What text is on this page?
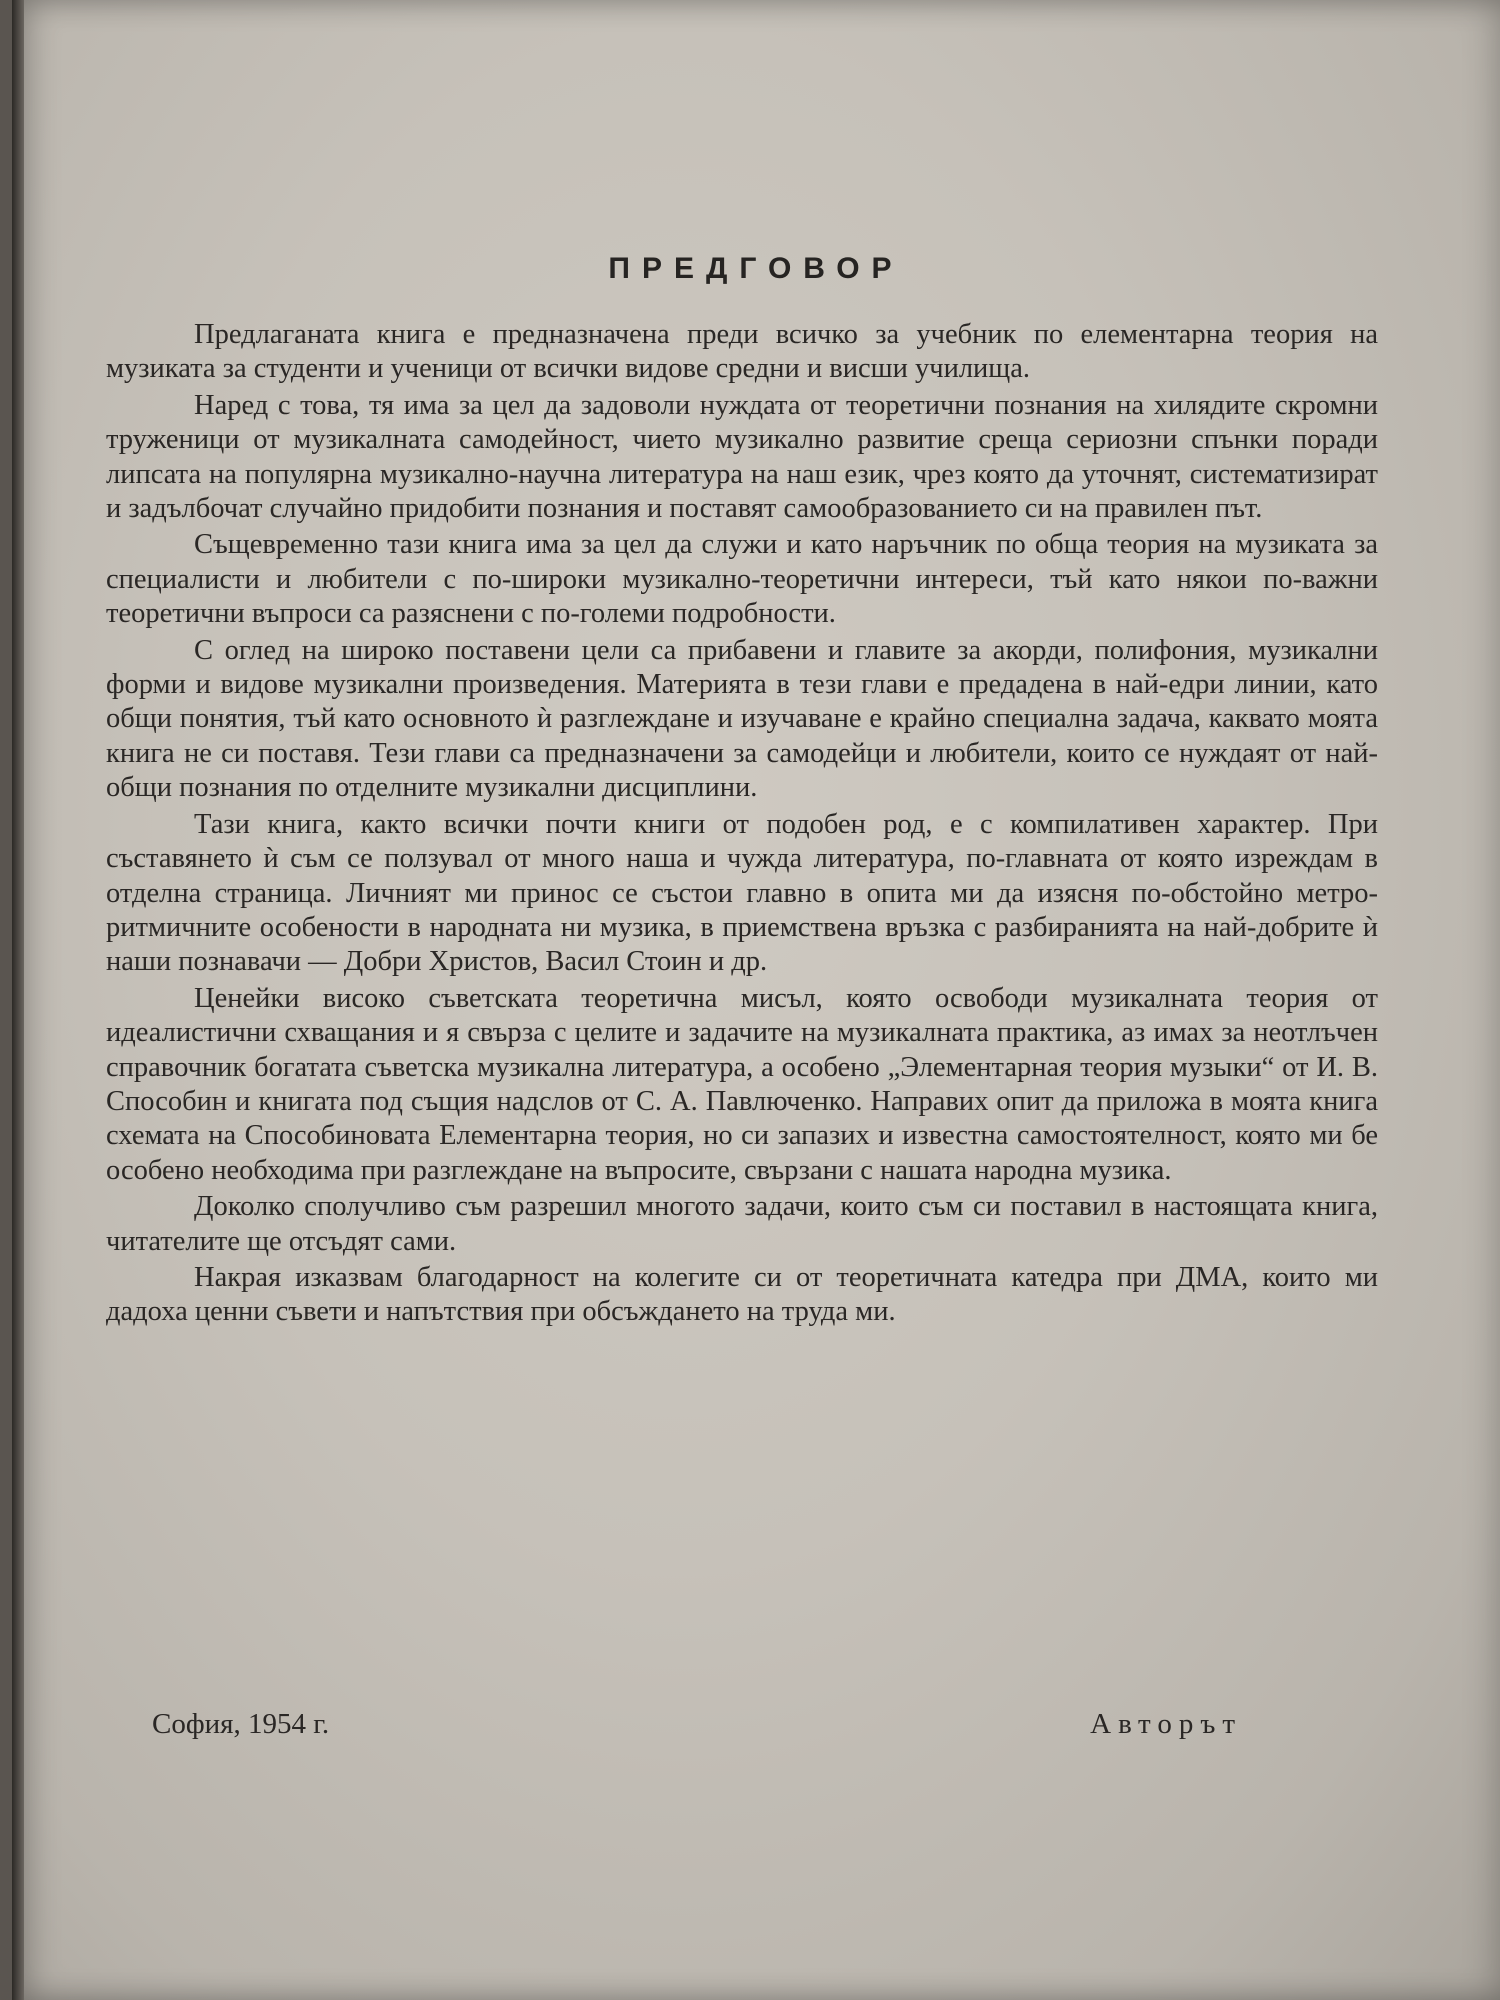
ПРЕДГОВОР

Предлаганата книга е предназначена преди всичко за учебник по елементарна теория на музиката за студенти и ученици от всички видове средни и висши училища.

Наред с това, тя има за цел да задоволи нуждата от теоретични познания на хилядите скромни труженици от музикалната самодейност, чието музикално развитие среща сериозни спънки поради липсата на популярна музикално-научна литература на наш език, чрез която да уточнят, систематизират и задълбочат случайно придобити познания и поставят самообразованието си на правилен път.

Същевременно тази книга има за цел да служи и като наръчник по обща теория на музиката за специалисти и любители с по-широки музикално-теоретични интереси, тъй като някои по-важни теоретични въпроси са разяснени с по-големи подробности.

С оглед на широко поставени цели са прибавени и главите за акорди, полифония, музикални форми и видове музикални произведения. Материята в тези глави е предадена в най-едри линии, като общи понятия, тъй като основното ѝ разглеждане и изучаване е крайно специална задача, каквато моята книга не си поставя. Тези глави са предназначени за самодейци и любители, които се нуждаят от най-общи познания по отделните музикални дисциплини.

Тази книга, както всички почти книги от подобен род, е с компилативен характер. При съставянето ѝ съм се ползувал от много наша и чужда литература, по-главната от която изреждам в отделна страница. Личният ми принос се състои главно в опита ми да изясня по-обстойно метро-ритмичните особености в народната ни музика, в приемствена връзка с разбиранията на най-добрите ѝ наши познавачи — Добри Христов, Васил Стоин и др.

Ценейки високо съветската теоретична мисъл, която освободи музикалната теория от идеалистични схващания и я свърза с целите и задачите на музикалната практика, аз имах за неотлъчен справочник богатата съветска музикална литература, а особено „Элементарная теория музыки“ от И. В. Способин и книгата под същия надслов от С. А. Павлюченко. Направих опит да приложа в моята книга схемата на Способиновата Елементарна теория, но си запазих и известна самостоятелност, която ми бе особено необходима при разглеждане на въпросите, свързани с нашата народна музика.

Доколко сполучливо съм разрешил многото задачи, които съм си поставил в настоящата книга, читателите ще отсъдят сами.

Накрая изказвам благодарност на колегите си от теоретичната катедра при ДМА, които ми дадоха ценни съвети и напътствия при обсъждането на труда ми.

София, 1954 г.	Авторът
